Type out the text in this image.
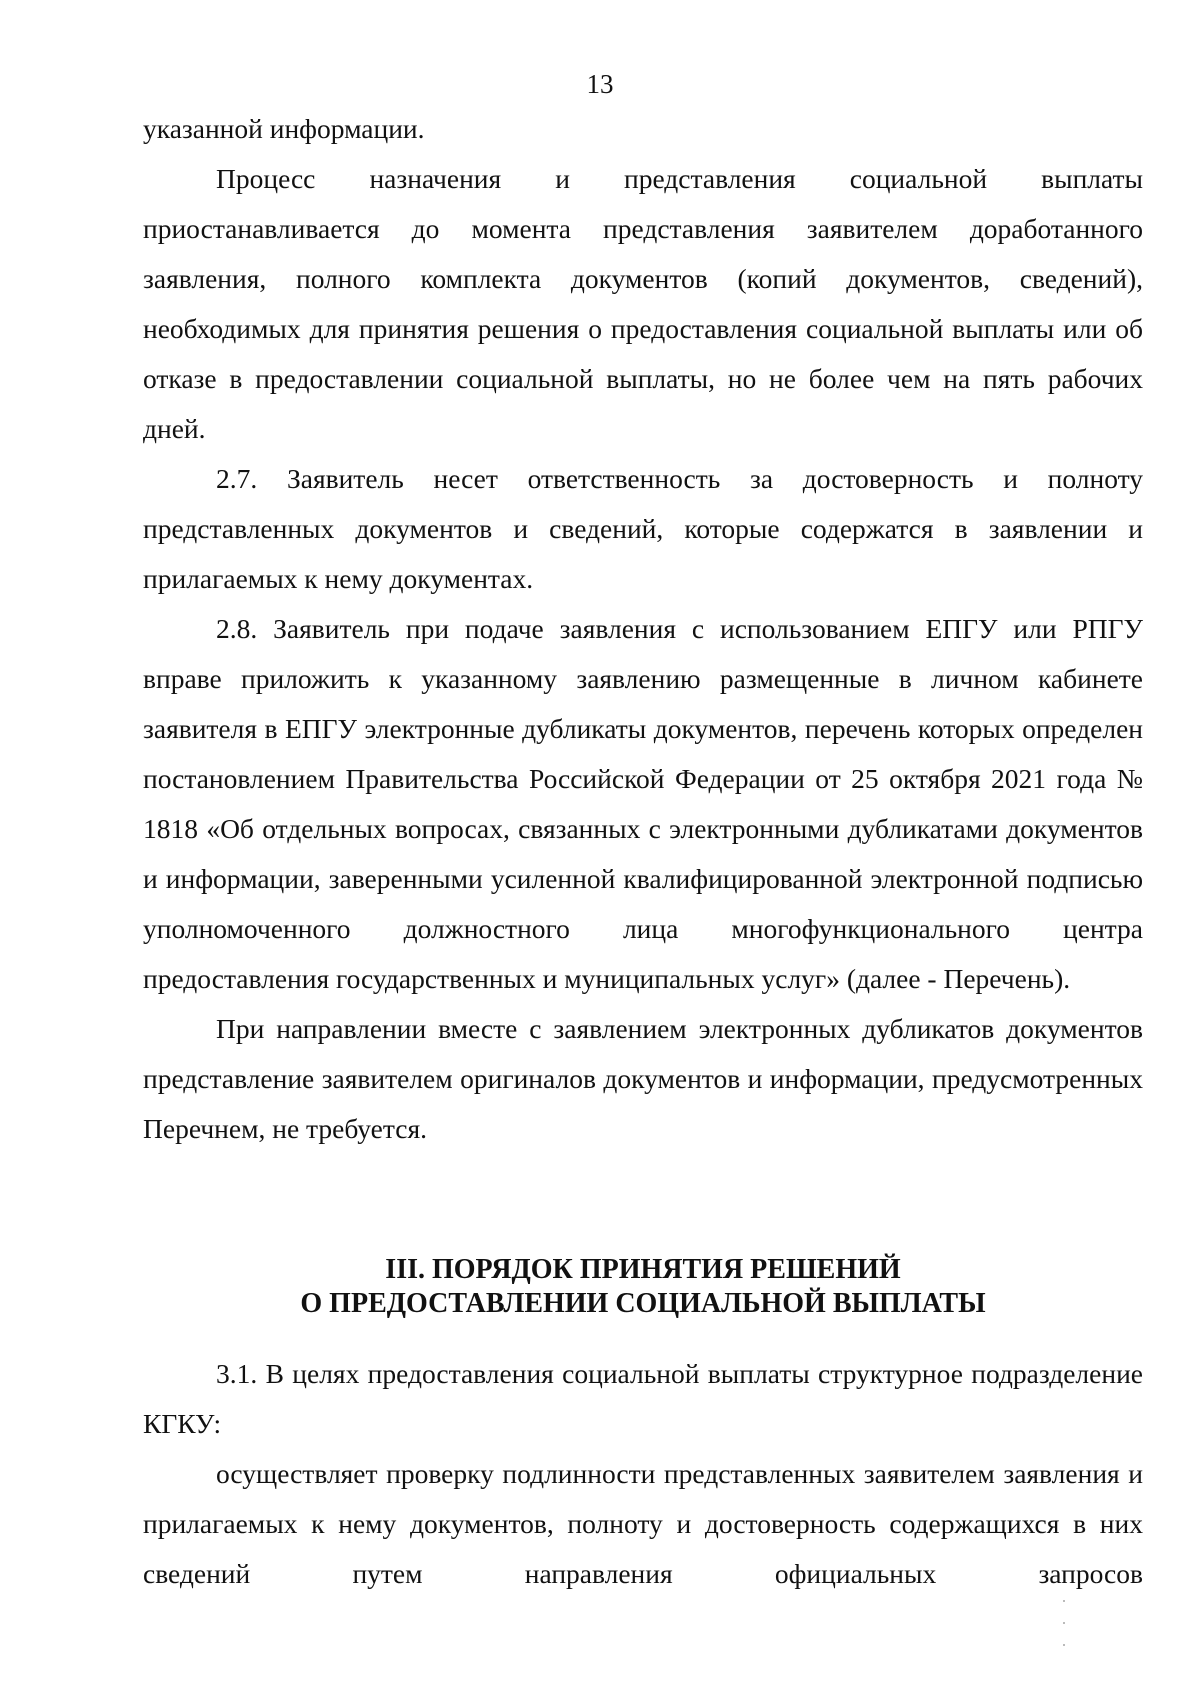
13

указанной информации.

Процесс назначения и представления социальной выплаты приостанавливается до момента представления заявителем доработанного заявления, полного комплекта документов (копий документов, сведений), необходимых для принятия решения о предоставления социальной выплаты или об отказе в предоставлении социальной выплаты, но не более чем на пять рабочих дней.

2.7. Заявитель несет ответственность за достоверность и полноту представленных документов и сведений, которые содержатся в заявлении и прилагаемых к нему документах.

2.8. Заявитель при подаче заявления с использованием ЕПГУ или РПГУ вправе приложить к указанному заявлению размещенные в личном кабинете заявителя в ЕПГУ электронные дубликаты документов, перечень которых определен постановлением Правительства Российской Федерации от 25 октября 2021 года № 1818 «Об отдельных вопросах, связанных с электронными дубликатами документов и информации, заверенными усиленной квалифицированной электронной подписью уполномоченного должностного лица многофункционального центра предоставления государственных и муниципальных услуг» (далее - Перечень).

При направлении вместе с заявлением электронных дубликатов документов представление заявителем оригиналов документов и информации, предусмотренных Перечнем, не требуется.

III. ПОРЯДОК ПРИНЯТИЯ РЕШЕНИЙ
О ПРЕДОСТАВЛЕНИИ СОЦИАЛЬНОЙ ВЫПЛАТЫ

3.1. В целях предоставления социальной выплаты структурное подразделение КГКУ:

осуществляет проверку подлинности представленных заявителем заявления и прилагаемых к нему документов, полноту и достоверность содержащихся в них сведений путем направления официальных запросов
